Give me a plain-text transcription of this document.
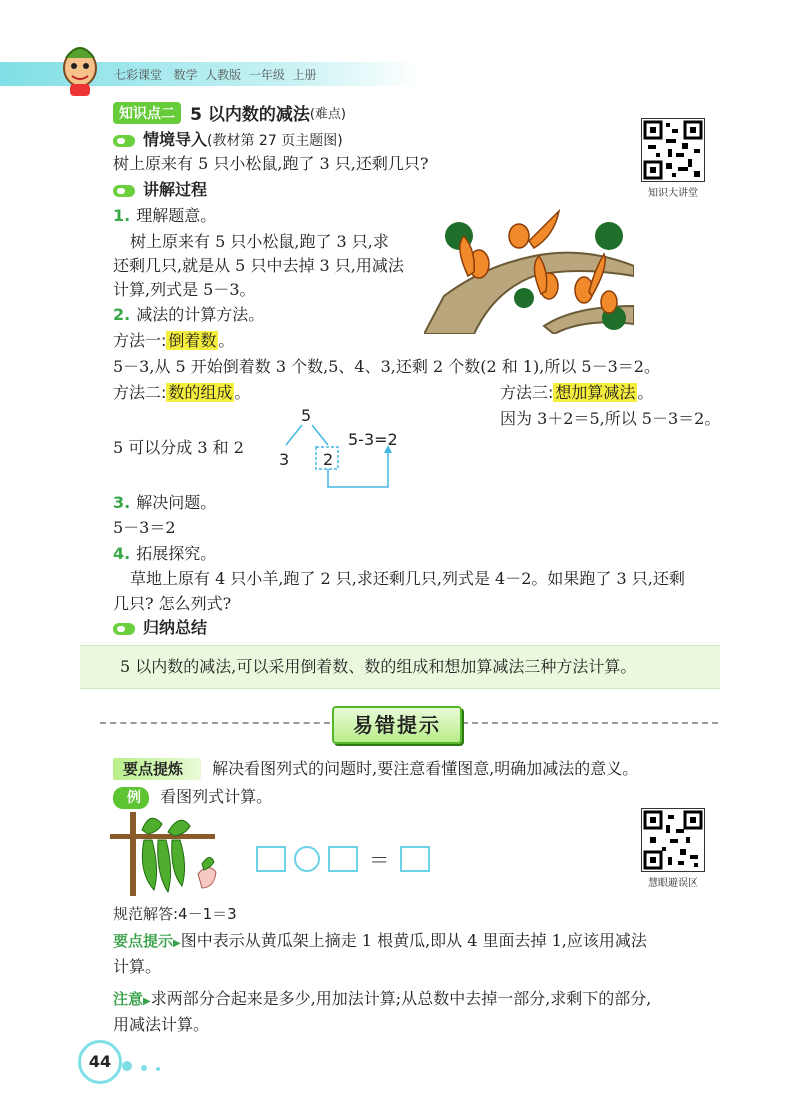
七彩课堂 数学 人教版 一年级 上册
知识点二 5 以内数的减法(难点)
情境导入(教材第 27 页主题图)
树上原来有 5 只小松鼠,跑了 3 只,还剩几只?
知识大讲堂
讲解过程
1. 理解题意。
树上原来有 5 只小松鼠,跑了 3 只,求
还剩几只,就是从 5 只中去掉 3 只,用减法
计算,列式是 5－3。
2. 减法的计算方法。
方法一: 倒着数 。
5－3,从 5 开始倒着数 3 个数,5、4、3,还剩 2 个数(2 和 1),所以 5－3＝2。
方法二: 数的组成 。
5 可以分成 3 和 2
5
3 2
5-3=2
方法三: 想加算减法 。
因为 3＋2＝5,所以 5－3＝2。
3. 解决问题。
5－3＝2
4. 拓展探究。
草地上原有 4 只小羊,跑了 2 只,求还剩几只,列式是 4－2。如果跑了 3 只,还剩
几只? 怎么列式?
归纳总结
5 以内数的减法,可以采用倒着数、数的组成和想加算减法三种方法计算。
易错提示
要点提炼 解决看图列式的问题时,要注意看懂图意,明确加减法的意义。
例 看图列式计算。
＝
慧眼避误区
规范解答:4－1＝3
要点提示▶图中表示从黄瓜架上摘走 1 根黄瓜,即从 4 里面去掉 1,应该用减法
计算。
注意▶求两部分合起来是多少,用加法计算;从总数中去掉一部分,求剩下的部分,
用减法计算。
44
